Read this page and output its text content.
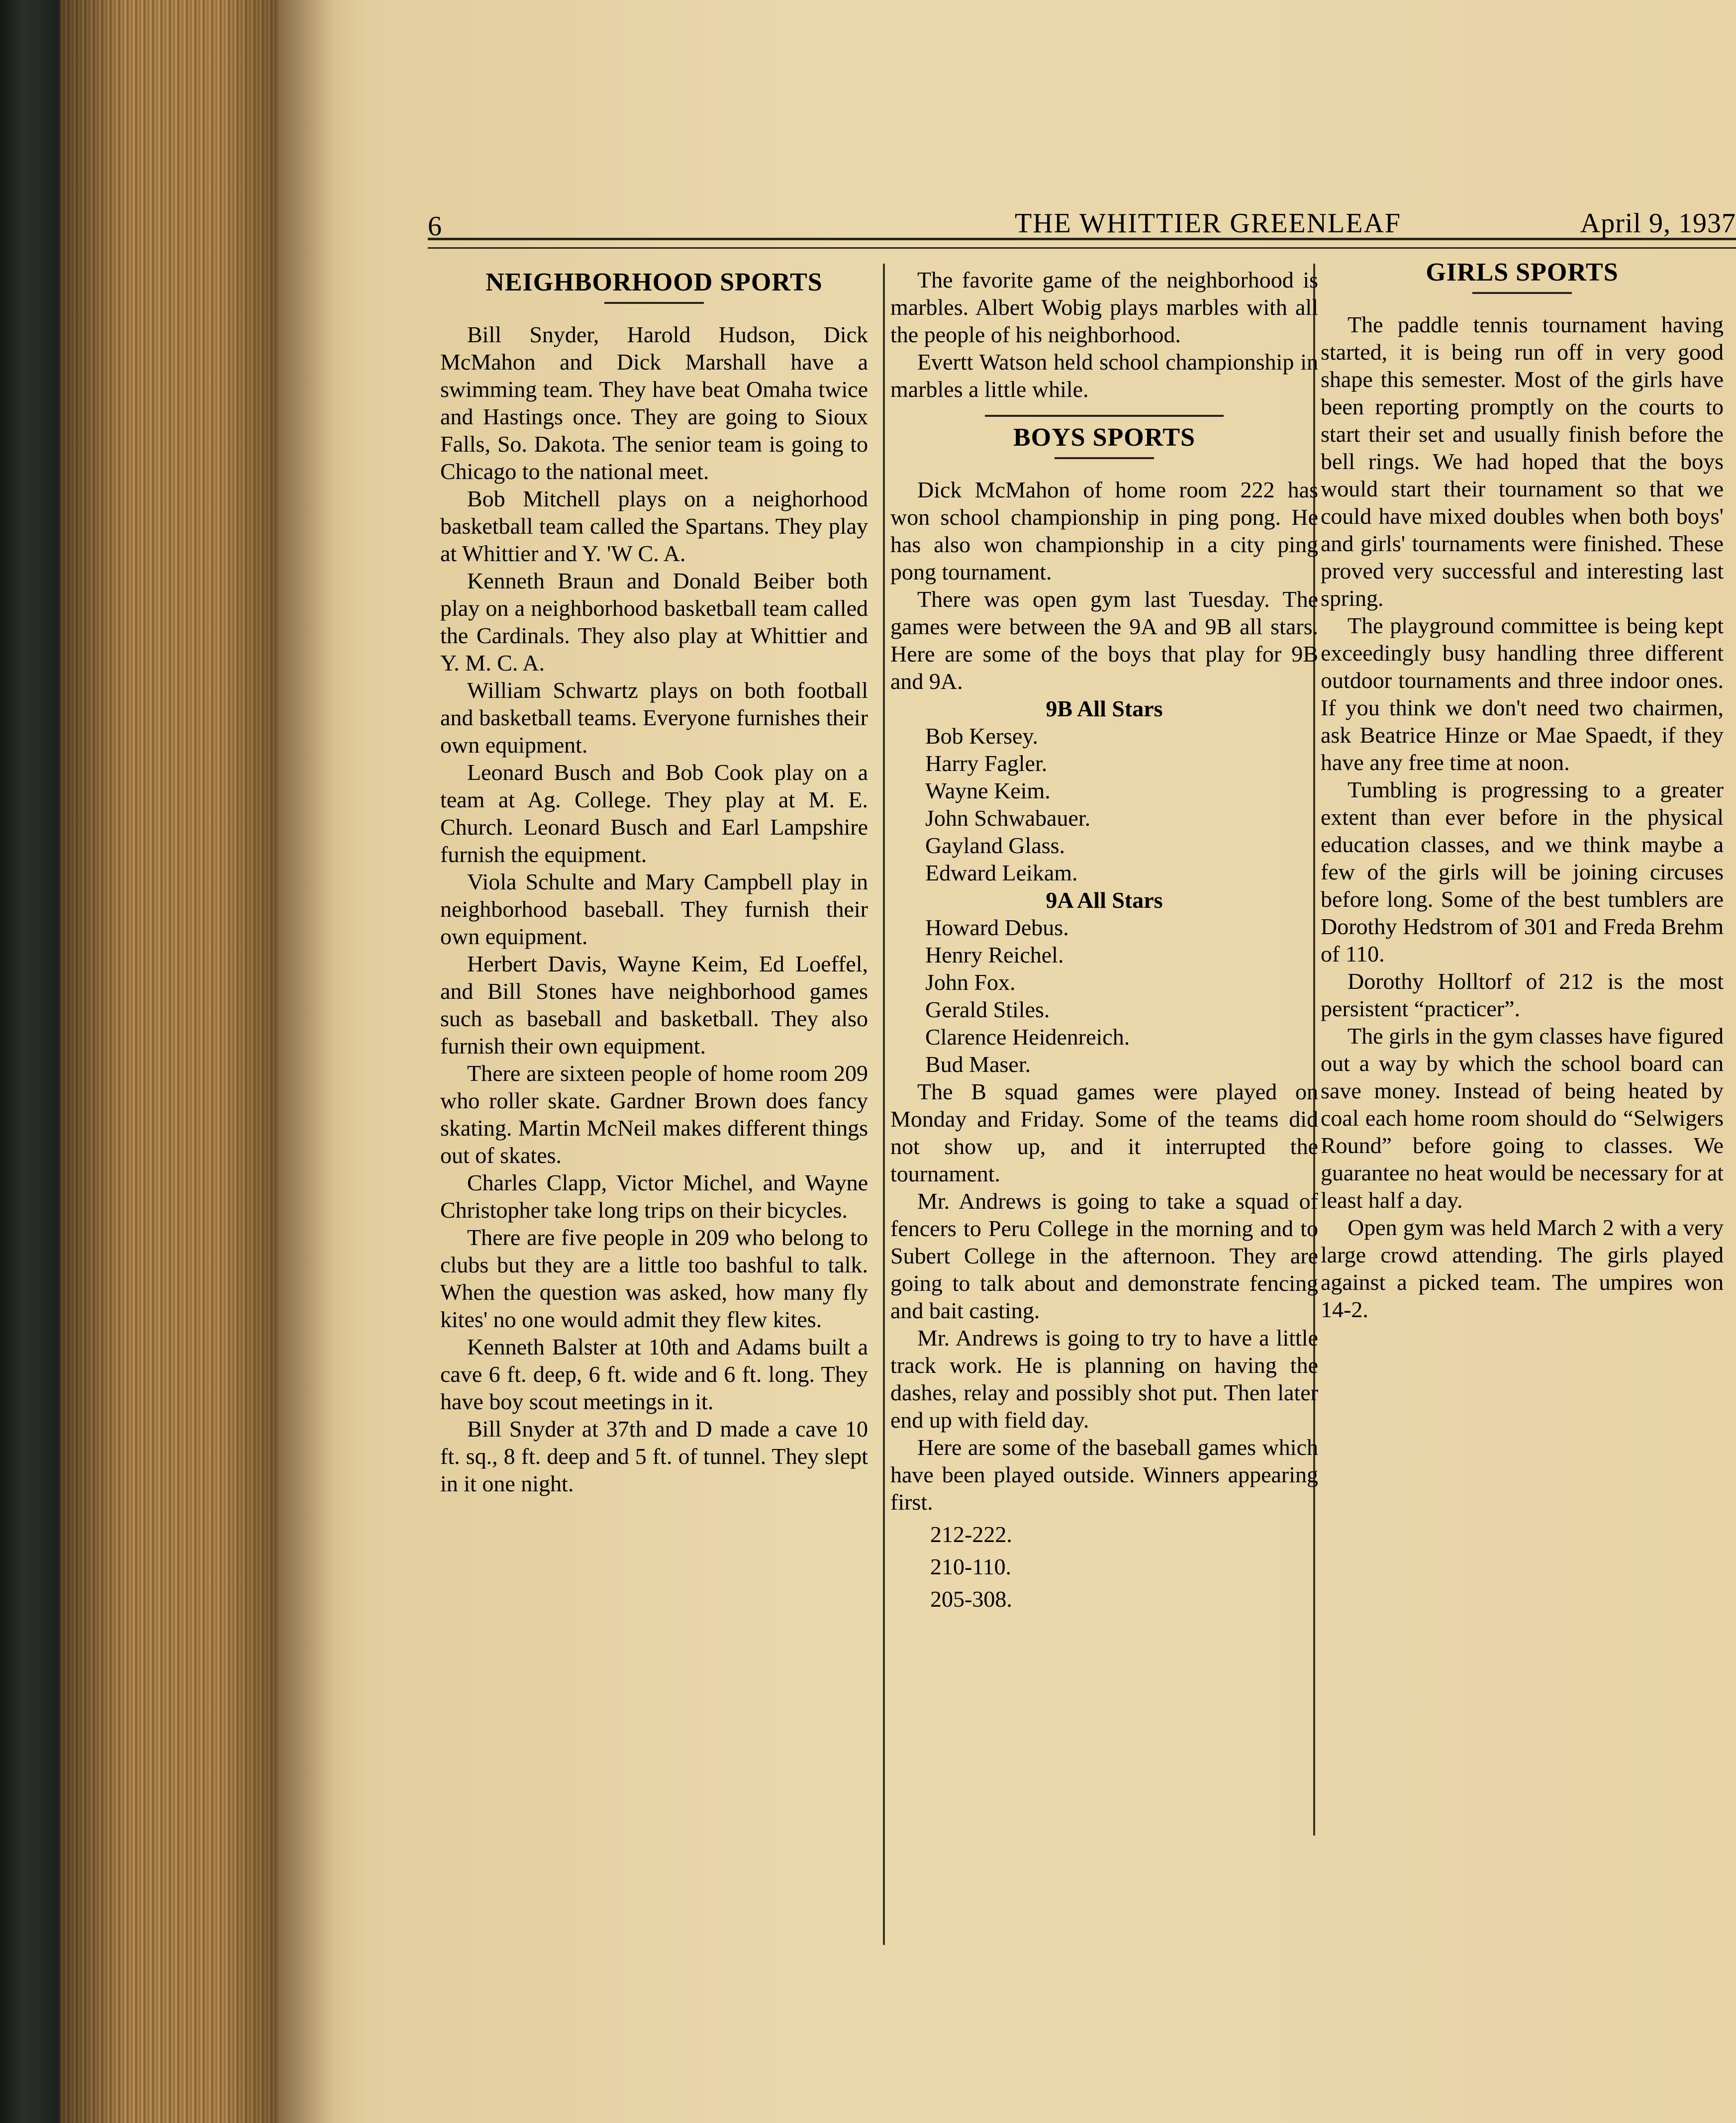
6	THE WHITTIER GREENLEAF	April 9, 1937
NEIGHBORHOOD SPORTS

Bill Snyder, Harold Hudson, Dick McMahon and Dick Marshall have a swimming team. They have beat Omaha twice and Hastings once. They are going to Sioux Falls, So. Dakota. The senior team is going to Chicago to the national meet.

Bob Mitchell plays on a neighorhood basketball team called the Spartans. They play at Whittier and Y. 'W C. A.

Kenneth Braun and Donald Beiber both play on a neighborhood basketball team called the Cardinals. They also play at Whittier and Y. M. C. A.

William Schwartz plays on both football and basketball teams. Everyone furnishes their own equipment.

Leonard Busch and Bob Cook play on a team at Ag. College. They play at M. E. Church. Leonard Busch and Earl Lampshire furnish the equipment.

Viola Schulte and Mary Campbell play in neighborhood baseball. They furnish their own equipment.

Herbert Davis, Wayne Keim, Ed Loeffel, and Bill Stones have neighborhood games such as baseball and basketball. They also furnish their own equipment.

There are sixteen people of home room 209 who roller skate. Gardner Brown does fancy skating. Martin McNeil makes different things out of skates.

Charles Clapp, Victor Michel, and Wayne Christopher take long trips on their bicycles.

There are five people in 209 who belong to clubs but they are a little too bashful to talk. When the question was asked, how many fly kites' no one would admit they flew kites.

Kenneth Balster at 10th and Adams built a cave 6 ft. deep, 6 ft. wide and 6 ft. long. They have boy scout meetings in it.

Bill Snyder at 37th and D made a cave 10 ft. sq., 8 ft. deep and 5 ft. of tunnel. They slept in it one night.

The favorite game of the neighborhood is marbles. Albert Wobig plays marbles with all the people of his neighborhood.

Evertt Watson held school championship in marbles a little while.

BOYS SPORTS

Dick McMahon of home room 222 has won school championship in ping pong. He has also won championship in a city ping pong tournament.

There was open gym last Tuesday. The games were between the 9A and 9B all stars. Here are some of the boys that play for 9B and 9A.

9B All Stars
Bob Kersey.
Harry Fagler.
Wayne Keim.
John Schwabauer.
Gayland Glass.
Edward Leikam.
9A All Stars
Howard Debus.
Henry Reichel.
John Fox.
Gerald Stiles.
Clarence Heidenreich.
Bud Maser.

The B squad games were played on Monday and Friday. Some of the teams did not show up, and it interrupted the tournament.

Mr. Andrews is going to take a squad of fencers to Peru College in the morning and to Subert College in the afternoon. They are going to talk about and demonstrate fencing and bait casting.

Mr. Andrews is going to try to have a little track work. He is planning on having the dashes, relay and possibly shot put. Then later end up with field day.

Here are some of the baseball games which have been played outside. Winners appearing first.

212-222.
210-110.
205-308.
GIRLS SPORTS

The paddle tennis tournament having started, it is being run off in very good shape this semester. Most of the girls have been reporting promptly on the courts to start their set and usually finish before the bell rings. We had hoped that the boys would start their tournament so that we could have mixed doubles when both boys' and girls' tournaments were finished. These proved very successful and interesting last spring.

The playground committee is being kept exceedingly busy handling three different outdoor tournaments and three indoor ones. If you think we don't need two chairmen, ask Beatrice Hinze or Mae Spaedt, if they have any free time at noon.

Tumbling is progressing to a greater extent than ever before in the physical education classes, and we think maybe a few of the girls will be joining circuses before long. Some of the best tumblers are Dorothy Hedstrom of 301 and Freda Brehm of 110.

Dorothy Holltorf of 212 is the most persistent “practicer”.

The girls in the gym classes have figured out a way by which the school board can save money. Instead of being heated by coal each home room should do “Selwigers Round” before going to classes. We guarantee no heat would be necessary for at least half a day.

Open gym was held March 2 with a very large crowd attending. The girls played against a picked team. The umpires won 14-2.
